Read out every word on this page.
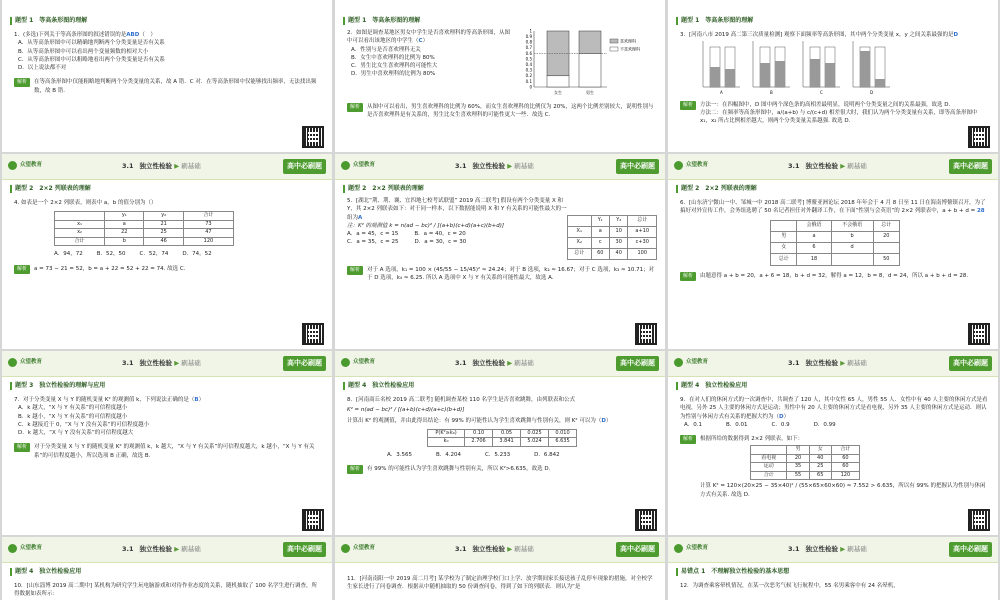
题型 1　等高条形图的理解
1．(多选)下列关于等高条形图的叙述错误的是ABD（　）
A．从等高条形图中可以精确地判断两个分类变量是否有关系
B．从等高条形图中可以看出两个变量频数的相对大小
C．从等高条形图中可以粗略地看出两个分类变量是否有关系
D．以上说法都不对
解析	在等高条形图中仅能粗略地判断两个分类变量的关系，故 A 错．C 对．在等高条形图中仅能够找出频率，无法找出频数，故 B 错.
题型 1　等高条形图的理解
2．如图是调查某地区男女中学生是否喜欢理科的等高条形图，从图中可以看出该地区的中学生（C）
A．性别与是否喜欢理科无关
B．女生中喜欢理科的比例为 80%
C．男生比女生喜欢理科的可能性大
D．男生中喜欢理科的比例为 80%
1
0.9
0.8
0.7
0.6
0.5
0.4
0.3
0.2
0.1
0
女生	男生
喜欢理科
不喜欢理科
解析	从图中可以看出，男生喜欢理科的比例为 60%，而女生喜欢理科的比例仅为 20%，这两个比例差别较大，说明性别与是否喜欢理科是有关系的，男生比女生喜欢理科的可能性更大一些．故选 C.
题型 1　等高条形图的理解
3．[河南八市 2019 高二第三次质量检测] 观察下面频率等高条形图，其中两个分类变量 x，y 之间关系最强的是D
A	B	C	D
解析	方法一：在四幅图中，D 图中两个深色条的高相差最明显，说明两个分类变量之间的关系最强，故选 D.
方法二：在频率等高条形图中，a/(a+b) 与 c/(c+d) 相差很大时，我们认为两个分类变量有关系，即等高条形图中 x₁，x₂ 所占比例相差越大，则两个分类变量关系越强. 故选 D.
众望教育	3.1 独立性检验 ▶ 刷基础	高中必刷题
题型 2　2×2 列联表的理解
4. 如表是一个 2×2 列联表，则表中 a，b 的值分别为（）
	y₁	y₂	合计
x₁	a	21	73
x₂	22	25	47
合计	b	46	120
A．94，72	B．52，50	C．52，74	D．74，52
解析	a = 73 − 21 = 52，b = a + 22 = 52 + 22 = 74. 故选 C.
众望教育	3.1 独立性检验 ▶ 刷基础	高中必刷题
题型 2　2×2 列联表的理解
5．[湖北“荆、荆、襄、宜四地七校考试联盟” 2019 高二联考] 假设有两个分类变量 X 和 Y，其 2×2 列联表如下：对于同一样本，以下数据能说明 X 和 Y 有关系的可能性最大的一组为A
注：K² 的观测值 k = n(ad − bc)² / [(a+b)(c+d)(a+c)(b+d)]
A．a = 45，c = 15	B．a = 40，c = 20
C．a = 35，c = 25	D．a = 30，c = 30
	Y₁	Y₂	总计
X₁	a	10	a+10
X₂	c	30	c+30
总计	60	40	100
解析	对于 A 选项，k₁ = 100 × (45/55 − 15/45)² ≈ 24.24；对于 B 选项，k₂ ≈ 16.67；对于 C 选项，k₃ ≈ 10.71；对于 D 选项，k₄ ≈ 6.25. 所以 A 选项中 X 与 Y 有关系的可能性最大，故选 A.
众望教育	3.1 独立性检验 ▶ 刷基础	高中必刷题
题型 2　2×2 列联表的理解
6．[山东济宁微山一中、邹城一中 2018 高二联考] 博鳌亚洲论坛 2018 年年会于 4 月 8 日至 11 日在海南博鳌镇召开，为了搞好对外宣传工作，会务组选聘了 50 名记者担任对外翻译工作，在下面“性别与会英语”的 2×2 列联表中，a + b + d = 28
	会俄语	不会俄语	总计
男	a	b	20
女	6	d	
总计	18		50
解析	由题意得 a + b = 20，a + 6 = 18，b + d = 32，解得 a = 12，b = 8，d = 24，所以 a + b + d = 28.
众望教育	3.1 独立性检验 ▶ 刷基础	高中必刷题
题型 3　独立性检验的理解与应用
7．对于分类变量 X 与 Y 的随机变量 K² 的观测值 k，下列说法正确的是（B）
A．k 越大，“X 与 Y 有关系”的可信程度越小
B．k 越小，“X 与 Y 有关系”的可信程度越小
C．k 越接近于 0，“X 与 Y 没有关系”的可信程度越小
D．k 越大，“X 与 Y 没有关系”的可信程度越大
解析	对于分类变量 X 与 Y 的随机变量 K² 的观测值 k，k 越大，“X 与 Y 有关系”的可信程度越大，k 越小，“X 与 Y 有关系”的可信程度越小，所以选项 B 正确，故选 B.
众望教育	3.1 独立性检验 ▶ 刷基础	高中必刷题
题型 4　独立性检验应用
8．[河南商丘名校 2019 高二联考] 随机调查某校 110 名学生是否喜欢跳舞，由列联表和公式
K² = n(ad − bc)² / [(a+b)(c+d)(a+c)(b+d)]
计算出 K² 的观测值，并由此得出结论：有 99% 的可能性认为学生喜欢跳舞与性别有关，则 K² 可以为（D）
P(K²≥k₀)	0.10	0.05	0.025	0.010
k₀	2.706	3.841	5.024	6.635
A．3.565	B．4.204	C．5.233	D．6.842
解析	有 99% 的可能性认为学生喜欢跳舞与性别有关，所以 K²>6.635，故选 D.
众望教育	3.1 独立性检验 ▶ 刷基础	高中必刷题
题型 4　独立性检验应用
9．在对人们的休闲方式的一次调查中，共调查了 120 人，其中女性 65 人，男性 55 人．女性中有 40 人主要的休闲方式是看电视，另外 25 人主要的休闲方式是运动；男性中有 20 人主要的休闲方式是看电视，另外 35 人主要的休闲方式是运动．则认为性别与休闲方式有关系的把握大约为（D）
A．0.1	B．0.01	C．0.9	D．0.99
解析	根据所给的数据得到 2×2 列联表，如下：
	男	女	合计
看电视	20	40	60
运动	35	25	60
合计	55	65	120
计算 K² = 120×(20×25 − 35×40)² / (55×65×60×60) ≈ 7.552 > 6.635，所以有 99% 的把握认为性别与休闲方式有关系. 故选 D.
众望教育	3.1 独立性检验 ▶ 刷基础	高中必刷题
题型 4　独立性检验应用
10．[山东淄博 2019 高二期中] 某机构为研究学生玩电脑游戏和对待作业态度的关系，随机抽取了 100 名学生进行调查，所得数据如表所示：
众望教育	3.1 独立性检验 ▶ 刷基础	高中必刷题
11．[河南南阳一中 2019 高二月考] 某学校为了制定治理学校门口上学、放学期间家长接送孩子乱停车现象的措施，对全校学生家长进行了问卷调查．根据从中随机抽取的 50 份调查问卷，得到了如下的列联表．则认为“是
众望教育	3.1 独立性检验 ▶ 刷基础	高中必刷题
易错点 1　不理解独立性检验的基本思想
12．为调查乘客晕机情况，在某一次恶劣气候飞行航程中，55 名男乘客中有 24 名晕机，
